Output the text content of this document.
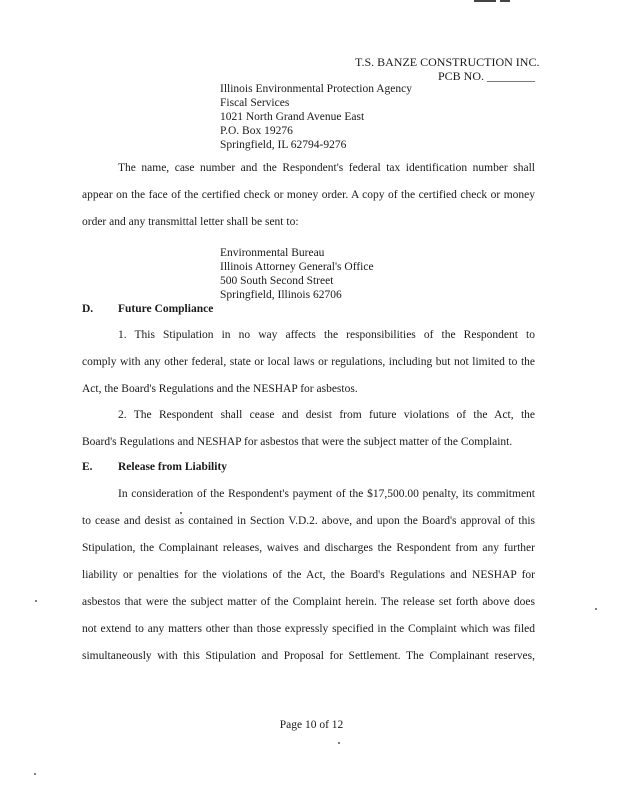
T.S. BANZE CONSTRUCTION INC.
PCB NO. ________
Illinois Environmental Protection Agency
Fiscal Services
1021 North Grand Avenue East
P.O. Box 19276
Springfield, IL 62794-9276
The name, case number and the Respondent's federal tax identification number shall
appear on the face of the certified check or money order. A copy of the certified check or money
order and any transmittal letter shall be sent to:
Environmental Bureau
Illinois Attorney General's Office
500 South Second Street
Springfield, Illinois 62706
D. Future Compliance
1. This Stipulation in no way affects the responsibilities of the Respondent to
comply with any other federal, state or local laws or regulations, including but not limited to the
Act, the Board's Regulations and the NESHAP for asbestos.
2. The Respondent shall cease and desist from future violations of the Act, the
Board's Regulations and NESHAP for asbestos that were the subject matter of the Complaint.
E. Release from Liability
In consideration of the Respondent's payment of the $17,500.00 penalty, its commitment
to cease and desist as contained in Section V.D.2. above, and upon the Board's approval of this
Stipulation, the Complainant releases, waives and discharges the Respondent from any further
liability or penalties for the violations of the Act, the Board's Regulations and NESHAP for
asbestos that were the subject matter of the Complaint herein. The release set forth above does
not extend to any matters other than those expressly specified in the Complaint which was filed
simultaneously with this Stipulation and Proposal for Settlement. The Complainant reserves,
Page 10 of 12
